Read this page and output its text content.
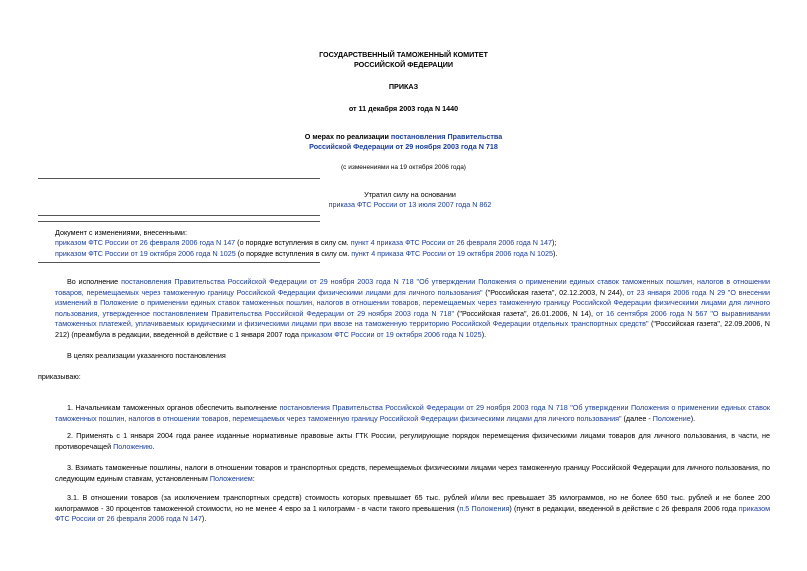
ГОСУДАРСТВЕННЫЙ ТАМОЖЕННЫЙ КОМИТЕТ
РОССИЙСКОЙ ФЕДЕРАЦИИ
ПРИКАЗ
от 11 декабря 2003 года N 1440
О мерах по реализации постановления Правительства
Российской Федерации от 29 ноября 2003 года N 718
(с изменениями на 19 октября 2006 года)
Утратил силу на основании
приказа ФТС России от 13 июля 2007 года N 862
Документ с изменениями, внесенными:
приказом ФТС России от 26 февраля 2006 года N 147 (о порядке вступления в силу см. пункт 4 приказа ФТС России от 26 февраля 2006 года N 147);
приказом ФТС России от 19 октября 2006 года N 1025 (о порядке вступления в силу см. пункт 4 приказа ФТС России от 19 октября 2006 года N 1025).
Во исполнение постановления Правительства Российской Федерации от 29 ноября 2003 года N 718 "Об утверждении Положения о применении единых ставок таможенных пошлин, налогов в отношении товаров, перемещаемых через таможенную границу Российской Федерации физическими лицами для личного пользования" ("Российская газета", 02.12.2003, N 244), от 23 января 2006 года N 29 "О внесении изменений в Положение о применении единых ставок таможенных пошлин, налогов в отношении товаров, перемещаемых через таможенную границу Российской Федерации физическими лицами для личного пользования, утвержденное постановлением Правительства Российской Федерации от 29 ноября 2003 года N 718" ("Российская газета", 26.01.2006, N 14), от 16 сентября 2006 года N 567 "О выравнивании таможенных платежей, уплачиваемых юридическими и физическими лицами при ввозе на таможенную территорию Российской Федерации отдельных транспортных средств" ("Российская газета", 22.09.2006, N 212) (преамбула в редакции, введенной в действие с 1 января 2007 года приказом ФТС России от 19 октября 2006 года N 1025).
В целях реализации указанного постановления
приказываю:
1. Начальникам таможенных органов обеспечить выполнение постановления Правительства Российской Федерации от 29 ноября 2003 года N 718 "Об утверждении Положения о применении единых ставок таможенных пошлин, налогов в отношении товаров, перемещаемых через таможенную границу Российской Федерации физическими лицами для личного пользования" (далее - Положение).
2. Применять с 1 января 2004 года ранее изданные нормативные правовые акты ГТК России, регулирующие порядок перемещения физическими лицами товаров для личного пользования, в части, не противоречащей Положению.
3. Взимать таможенные пошлины, налоги в отношении товаров и транспортных средств, перемещаемых физическими лицами через таможенную границу Российской Федерации для личного пользования, по следующим единым ставкам, установленным Положением:
3.1. В отношении товаров (за исключением транспортных средств) стоимость которых превышает 65 тыс. рублей и/или вес превышает 35 килограммов, но не более 650 тыс. рублей и не более 200 килограммов - 30 процентов таможенной стоимости, но не менее 4 евро за 1 килограмм - в части такого превышения (п.5 Положения) (пункт в редакции, введенной в действие с 26 февраля 2006 года приказом ФТС России от 26 февраля 2006 года N 147).
